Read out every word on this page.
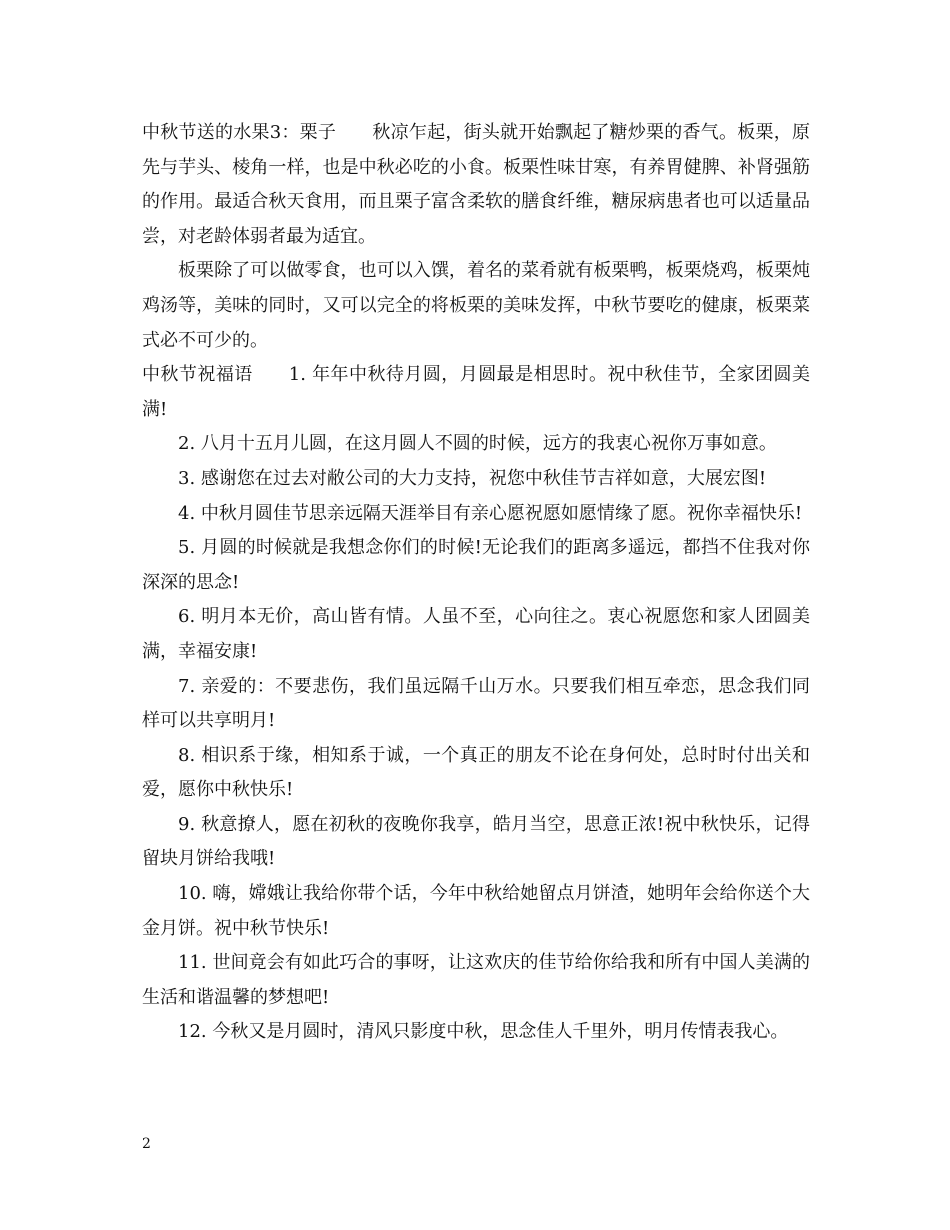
中秋节送的水果3：栗子 秋凉乍起，街头就开始飘起了糖炒栗的香气。板栗，原先与芋头、棱角一样，也是中秋必吃的小食。板栗性味甘寒，有养胃健脾、补肾强筋的作用。最适合秋天食用，而且栗子富含柔软的膳食纤维，糖尿病患者也可以适量品尝，对老龄体弱者最为适宜。

板栗除了可以做零食，也可以入馔，着名的菜肴就有板栗鸭，板栗烧鸡，板栗炖鸡汤等，美味的同时，又可以完全的将板栗的美味发挥，中秋节要吃的健康，板栗菜式必不可少的。

中秋节祝福语 1. 年年中秋待月圆，月圆最是相思时。祝中秋佳节，全家团圆美满!

2. 八月十五月儿圆，在这月圆人不圆的时候，远方的我衷心祝你万事如意。

3. 感谢您在过去对敝公司的大力支持，祝您中秋佳节吉祥如意，大展宏图!

4. 中秋月圆佳节思亲远隔天涯举目有亲心愿祝愿如愿情缘了愿。祝你幸福快乐!

5. 月圆的时候就是我想念你们的时候!无论我们的距离多遥远，都挡不住我对你深深的思念!

6. 明月本无价，高山皆有情。人虽不至，心向往之。衷心祝愿您和家人团圆美满，幸福安康!

7. 亲爱的：不要悲伤，我们虽远隔千山万水。只要我们相互牵恋，思念我们同样可以共享明月!

8. 相识系于缘，相知系于诚，一个真正的朋友不论在身何处，总时时付出关和爱，愿你中秋快乐!

9. 秋意撩人，愿在初秋的夜晚你我享，皓月当空，思意正浓!祝中秋快乐，记得留块月饼给我哦!

10. 嗨，嫦娥让我给你带个话，今年中秋给她留点月饼渣，她明年会给你送个大金月饼。祝中秋节快乐!

11. 世间竟会有如此巧合的事呀，让这欢庆的佳节给你给我和所有中国人美满的生活和谐温馨的梦想吧!

12. 今秋又是月圆时，清风只影度中秋，思念佳人千里外，明月传情表我心。

2
